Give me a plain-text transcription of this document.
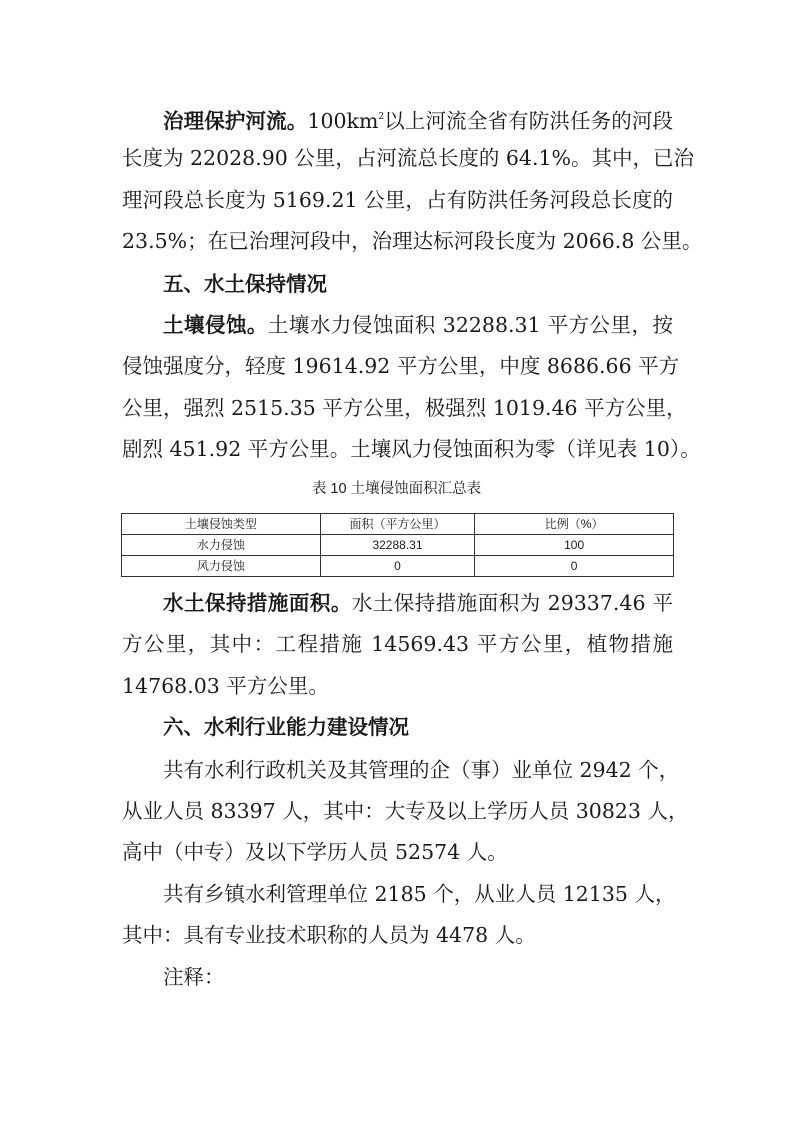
治理保护河流。$100km^2$以上河流全省有防洪任务的河段
长度为 22028.90 公里，占河流总长度的 64.1%。其中，已治
理河段总长度为 5169.21 公里，占有防洪任务河段总长度的
23.5%；在已治理河段中，治理达标河段长度为 2066.8 公里。
五、水土保持情况
土壤侵蚀。土壤水力侵蚀面积 32288.31 平方公里，按
侵蚀强度分，轻度 19614.92 平方公里，中度 8686.66 平方
公里，强烈 2515.35 平方公里，极强烈 1019.46 平方公里，
剧烈 451.92 平方公里。土壤风力侵蚀面积为零（详见表 10）。
表 10 土壤侵蚀面积汇总表
土壤侵蚀类型	面积（平方公里）	比例（%）
水力侵蚀	32288.31	100
风力侵蚀	0	0
水土保持措施面积。水土保持措施面积为 29337.46 平
方公里，其中：工程措施 14569.43 平方公里，植物措施
14768.03 平方公里。
六、水利行业能力建设情况
共有水利行政机关及其管理的企（事）业单位 2942 个，
从业人员 83397 人，其中：大专及以上学历人员 30823 人，
高中（中专）及以下学历人员 52574 人。
共有乡镇水利管理单位 2185 个，从业人员 12135 人，
其中：具有专业技术职称的人员为 4478 人。
注释：
